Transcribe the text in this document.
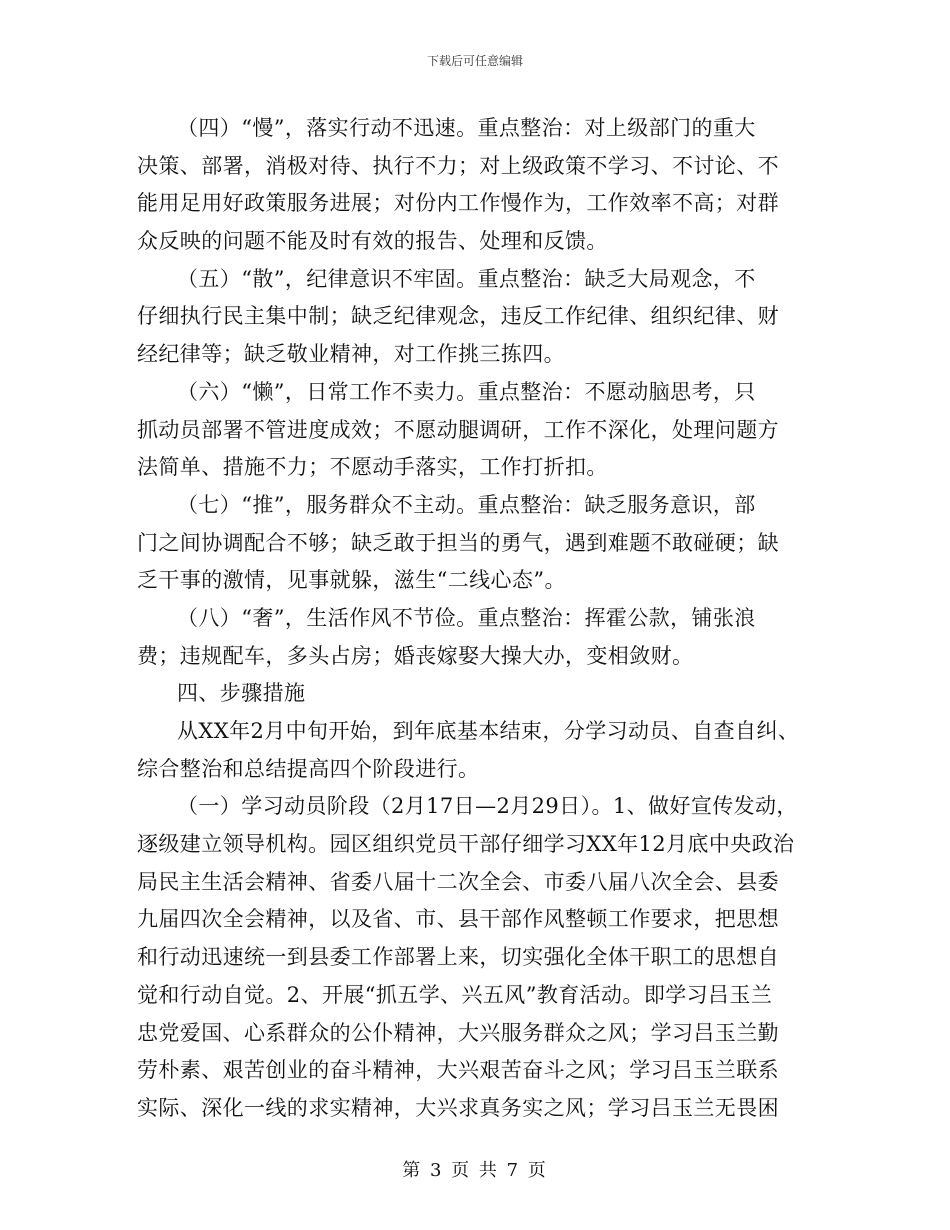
下载后可任意编辑
（四）“慢”，落实行动不迅速。重点整治：对上级部门的重大
决策、部署，消极对待、执行不力；对上级政策不学习、不讨论、不
能用足用好政策服务进展；对份内工作慢作为，工作效率不高；对群
众反映的问题不能及时有效的报告、处理和反馈。
（五）“散”，纪律意识不牢固。重点整治：缺乏大局观念，不
仔细执行民主集中制；缺乏纪律观念，违反工作纪律、组织纪律、财
经纪律等；缺乏敬业精神，对工作挑三拣四。
（六）“懒”，日常工作不卖力。重点整治：不愿动脑思考，只
抓动员部署不管进度成效；不愿动腿调研，工作不深化，处理问题方
法简单、措施不力；不愿动手落实，工作打折扣。
（七）“推”，服务群众不主动。重点整治：缺乏服务意识，部
门之间协调配合不够；缺乏敢于担当的勇气，遇到难题不敢碰硬；缺
乏干事的激情，见事就躲，滋生“二线心态”。
（八）“奢”，生活作风不节俭。重点整治：挥霍公款，铺张浪
费；违规配车，多头占房；婚丧嫁娶大操大办，变相敛财。
四、步骤措施
从XX年2月中旬开始，到年底基本结束，分学习动员、自查自纠、
综合整治和总结提高四个阶段进行。
（一）学习动员阶段（2月17日—2月29日）。1、做好宣传发动，
逐级建立领导机构。园区组织党员干部仔细学习XX年12月底中央政治
局民主生活会精神、省委八届十二次全会、市委八届八次全会、县委
九届四次全会精神，以及省、市、县干部作风整顿工作要求，把思想
和行动迅速统一到县委工作部署上来，切实强化全体干职工的思想自
觉和行动自觉。2、开展“抓五学、兴五风”教育活动。即学习吕玉兰
忠党爱国、心系群众的公仆精神，大兴服务群众之风；学习吕玉兰勤
劳朴素、艰苦创业的奋斗精神，大兴艰苦奋斗之风；学习吕玉兰联系
实际、深化一线的求实精神，大兴求真务实之风；学习吕玉兰无畏困
第 3 页 共 7 页
